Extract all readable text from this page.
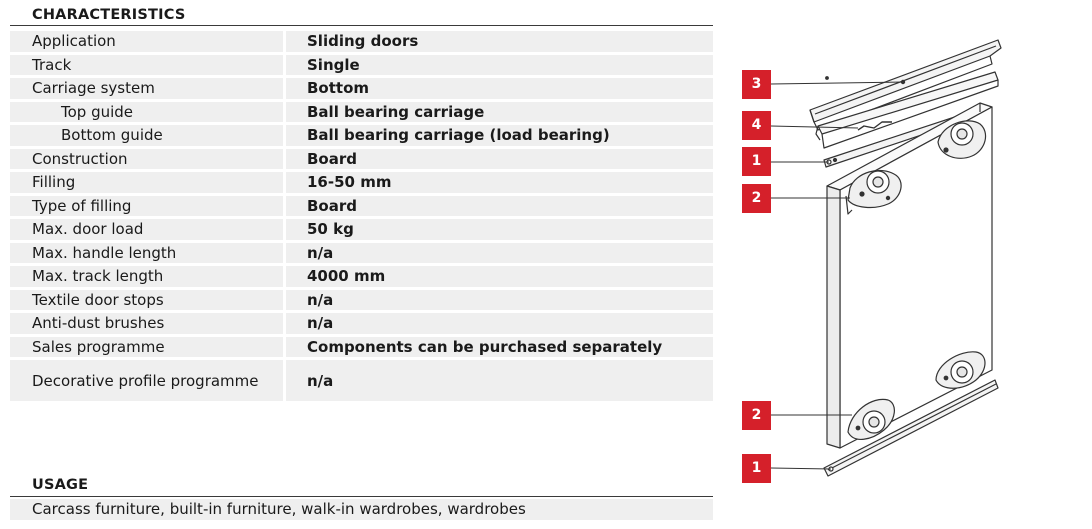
CHARACTERISTICS
Application		Sliding doors
Track		Single
Carriage system		Bottom
Top guide		Ball bearing carriage
Bottom guide		Ball bearing carriage (load bearing)
Construction		Board
Filling		16-50 mm
Type of filling		Board
Max. door load		50 kg
Max. handle length		n/a
Max. track length		4000 mm
Textile door stops		n/a
Anti-dust brushes		n/a
Sales programme		Components can be purchased separately
Decorative profile programme		n/a
USAGE
Carcass furniture, built-in furniture, walk-in wardrobes, wardrobes
3
4
1
2
2
1
